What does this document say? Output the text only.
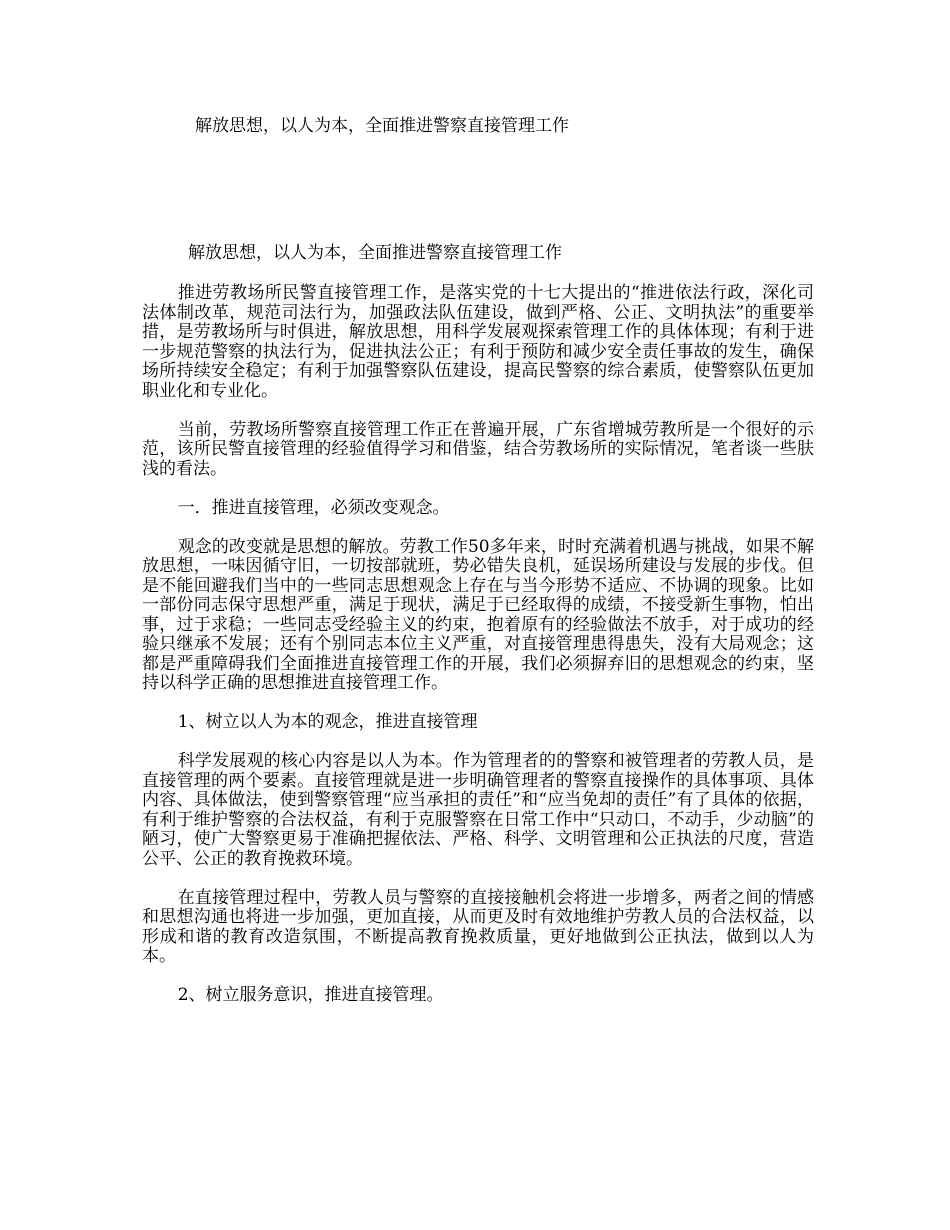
解放思想，以人为本，全面推进警察直接管理工作
解放思想，以人为本，全面推进警察直接管理工作

推进劳教场所民警直接管理工作，是落实党的十七大提出的“推进依法行政，深化司法体制改革，规范司法行为，加强政法队伍建设，做到严格、公正、文明执法”的重要举措，是劳教场所与时俱进，解放思想，用科学发展观探索管理工作的具体体现；有利于进一步规范警察的执法行为，促进执法公正；有利于预防和减少安全责任事故的发生，确保场所持续安全稳定；有利于加强警察队伍建设，提高民警察的综合素质，使警察队伍更加职业化和专业化。

当前，劳教场所警察直接管理工作正在普遍开展，广东省增城劳教所是一个很好的示范，该所民警直接管理的经验值得学习和借鉴，结合劳教场所的实际情况，笔者谈一些肤浅的看法。

一．推进直接管理，必须改变观念。

观念的改变就是思想的解放。劳教工作50多年来，时时充满着机遇与挑战，如果不解放思想，一味因循守旧，一切按部就班，势必错失良机，延误场所建设与发展的步伐。但是不能回避我们当中的一些同志思想观念上存在与当今形势不适应、不协调的现象。比如一部份同志保守思想严重，满足于现状，满足于已经取得的成绩，不接受新生事物，怕出事，过于求稳；一些同志受经验主义的约束，抱着原有的经验做法不放手，对于成功的经验只继承不发展；还有个别同志本位主义严重，对直接管理患得患失，没有大局观念；这都是严重障碍我们全面推进直接管理工作的开展，我们必须摒弃旧的思想观念的约束，坚持以科学正确的思想推进直接管理工作。

1、树立以人为本的观念，推进直接管理

科学发展观的核心内容是以人为本。作为管理者的的警察和被管理者的劳教人员，是直接管理的两个要素。直接管理就是进一步明确管理者的警察直接操作的具体事项、具体内容、具体做法，使到警察管理“应当承担的责任”和“应当免却的责任”有了具体的依据，有利于维护警察的合法权益，有利于克服警察在日常工作中“只动口，不动手，少动脑”的陋习，使广大警察更易于准确把握依法、严格、科学、文明管理和公正执法的尺度，营造公平、公正的教育挽救环境。

在直接管理过程中，劳教人员与警察的直接接触机会将进一步增多，两者之间的情感和思想沟通也将进一步加强，更加直接，从而更及时有效地维护劳教人员的合法权益，以形成和谐的教育改造氛围，不断提高教育挽救质量，更好地做到公正执法，做到以人为本。

2、树立服务意识，推进直接管理。
